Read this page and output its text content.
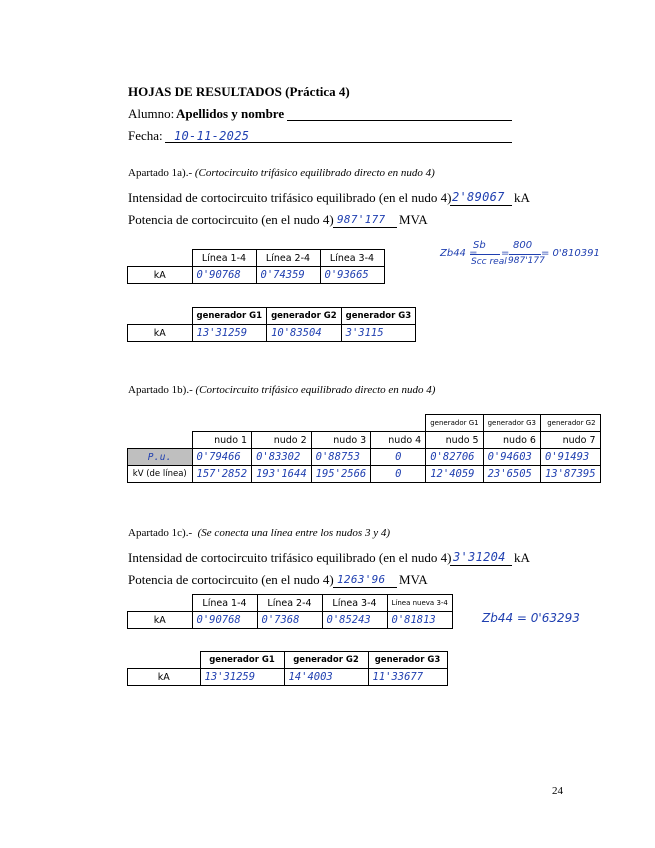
HOJAS DE RESULTADOS (Práctica 4)
Alumno: Apellidos y nombre
Fecha: 10-11-2025
Apartado 1a).- (Cortocircuito trifásico equilibrado directo en nudo 4)
Intensidad de cortocircuito trifásico equilibrado (en el nudo 4) 2'89067 kA
Potencia de cortocircuito (en el nudo 4) 987'177 MVA
Zb44 =
Sb
Scc real
=
800
987'177
= 0'810391
	Línea 1-4	Línea 2-4	Línea 3-4
kA	0'90768	0'74359	0'93665
	generador G1	generador G2	generador G3
kA	13'31259	10'83504	3'3115
Apartado 1b).- (Cortocircuito trifásico equilibrado directo en nudo 4)
					generador G1	generador G3	generador G2
	nudo 1	nudo 2	nudo 3	nudo 4	nudo 5	nudo 6	nudo 7
P.u.	0'79466	0'83302	0'88753	0	0'82706	0'94603	0'91493
kV (de línea)	157'2852	193'1644	195'2566	0	12'4059	23'6505	13'87395
Apartado 1c).- (Se conecta una línea entre los nudos 3 y 4)
Intensidad de cortocircuito trifásico equilibrado (en el nudo 4) 3'31204 kA
Potencia de cortocircuito (en el nudo 4) 1263'96 MVA
	Línea 1-4	Línea 2-4	Línea 3-4	Línea nueva 3-4
kA	0'90768	0'7368	0'85243	0'81813	Zb44 = 0'63293
	generador G1	generador G2	generador G3
kA	13'31259	14'4003	11'33677
24
